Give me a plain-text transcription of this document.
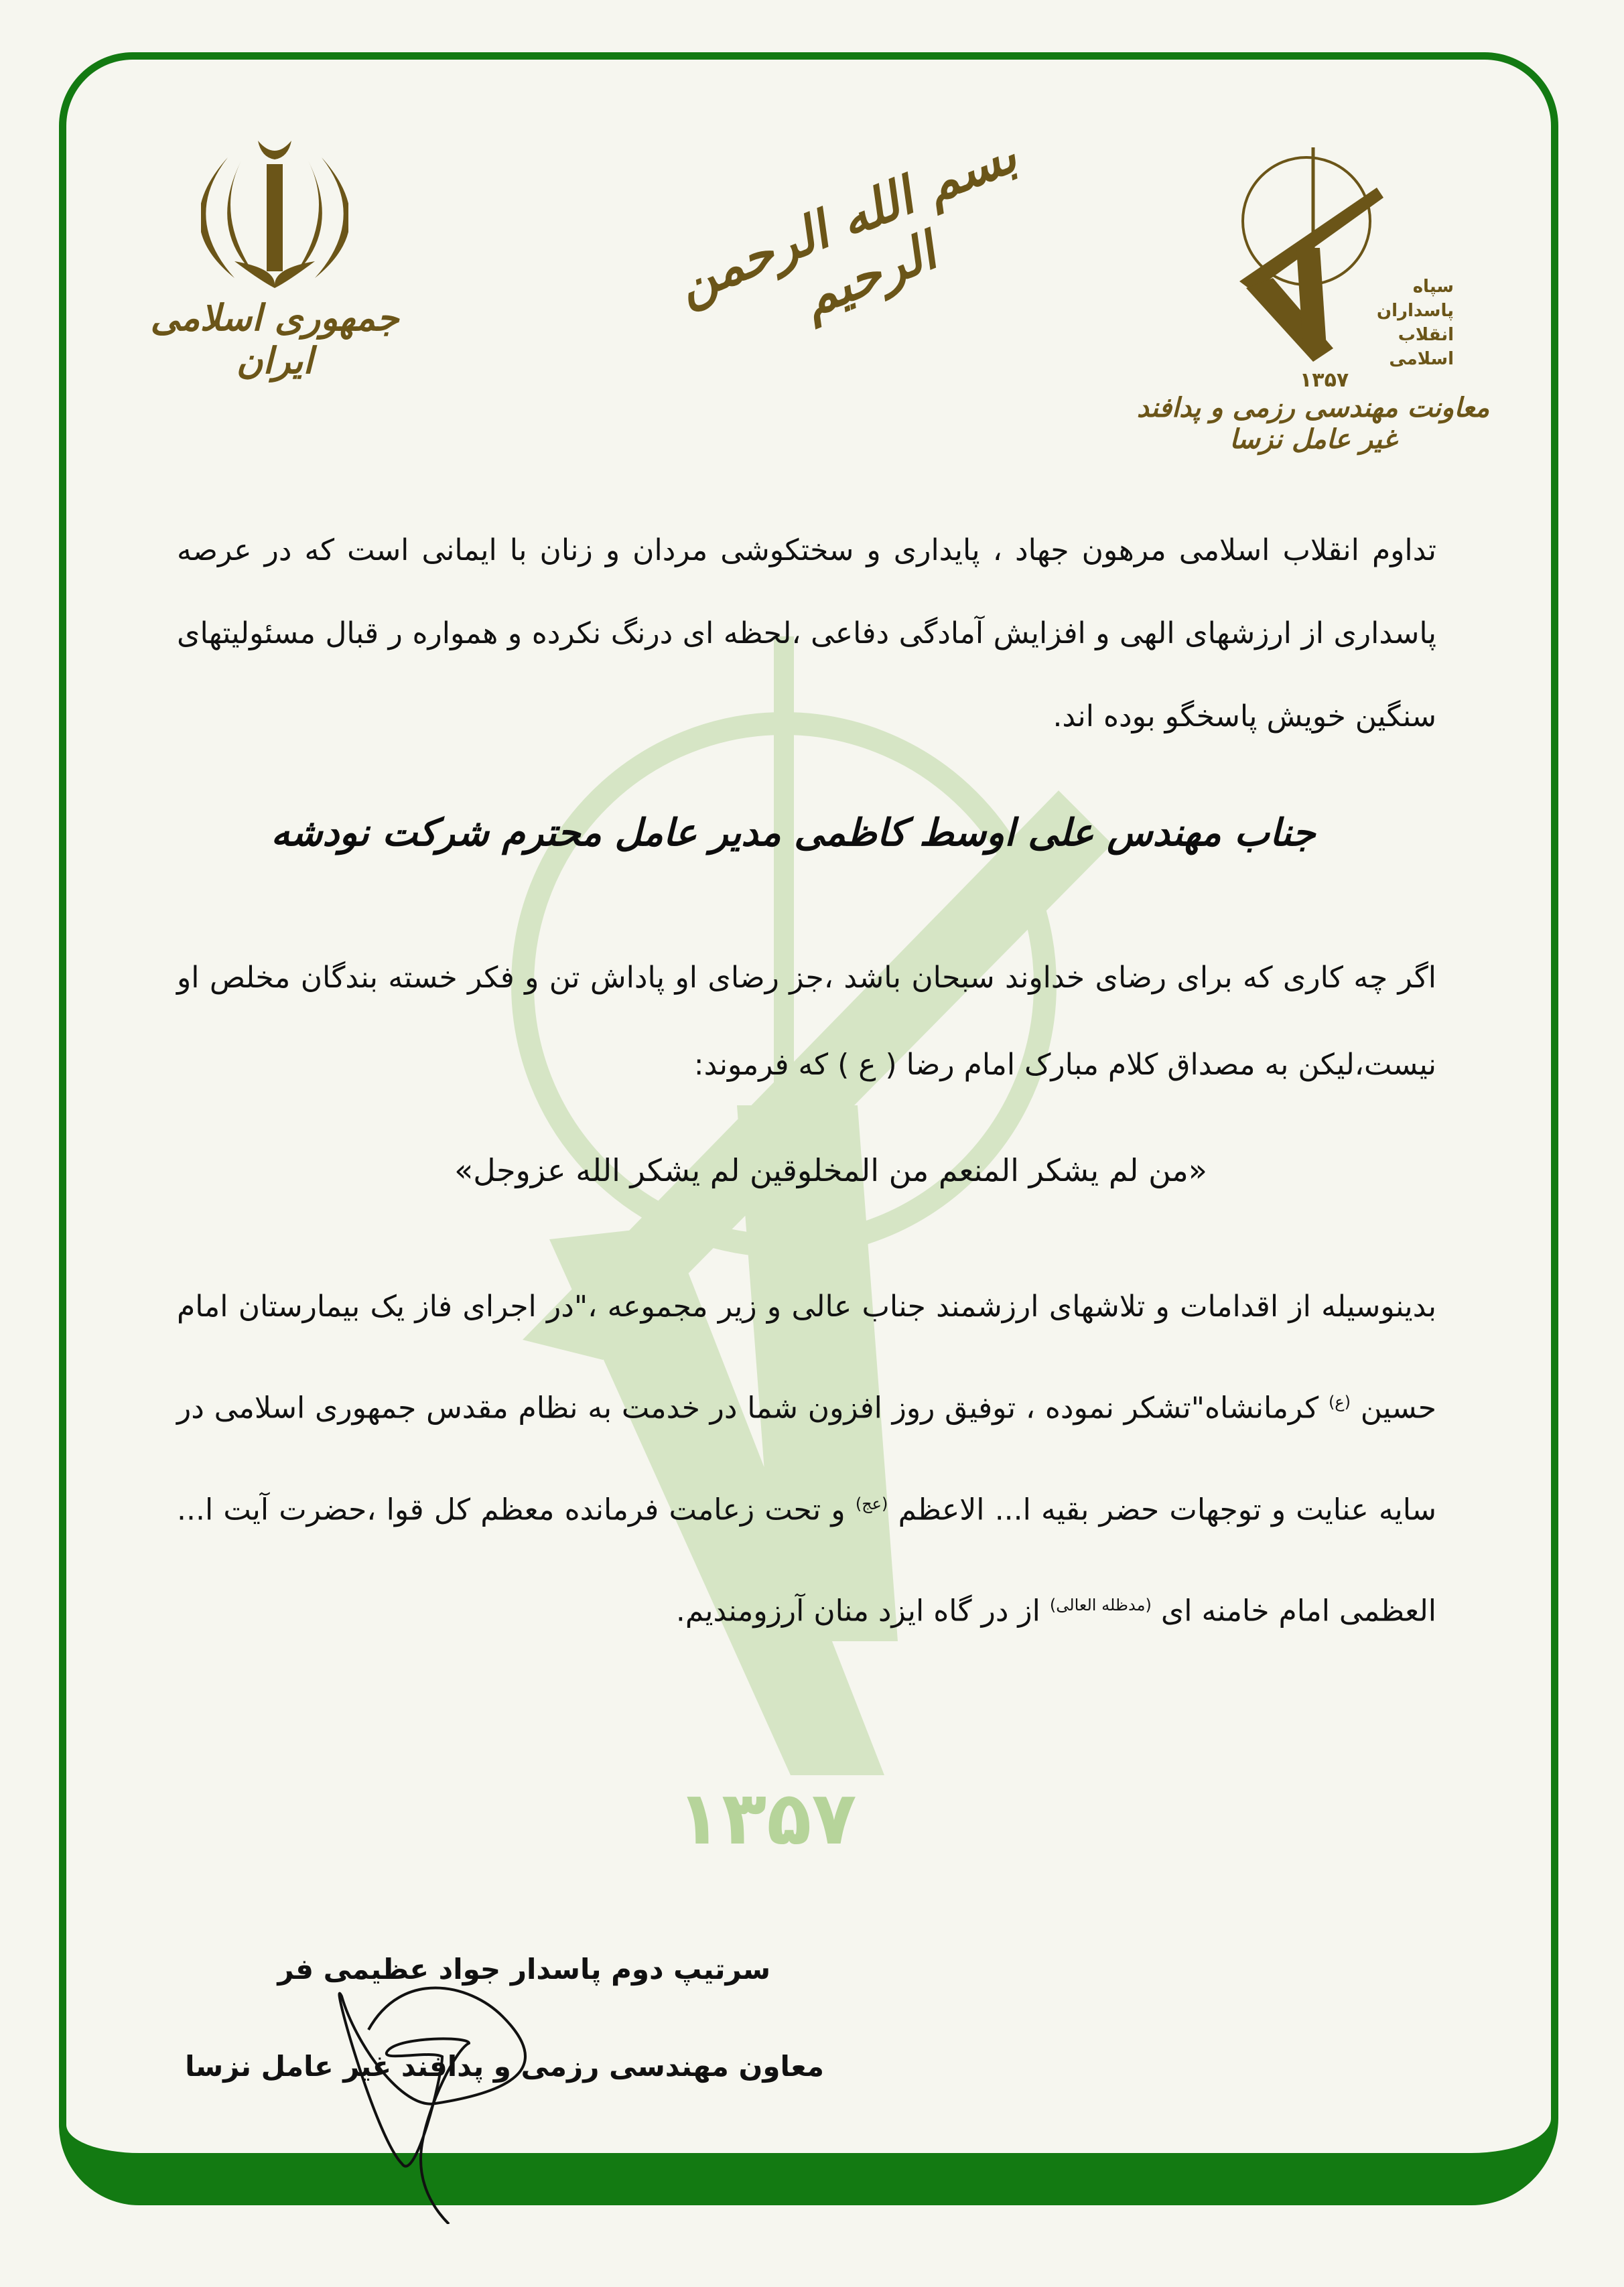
۱۳۵۷
جمهوری اسلامی ایران
بسم الله الرحمن الرحیم	سپاه
پاسداران
انقلاب
اسلامی
۱۳۵۷
معاونت مهندسی رزمی و پدافند غیر عامل نزسا
تداوم انقلاب اسلامی مرهون جهاد ، پایداری و سختکوشی مردان و زنان با ایمانی است که در عرصه پاسداری از ارزشهای الهی و افزایش آمادگی دفاعی ،لحظه ای درنگ نکرده و همواره ر قبال مسئولیتهای سنگین خویش پاسخگو بوده اند.
جناب مهندس علی اوسط کاظمی مدیر عامل محترم شرکت نودشه
اگر چه کاری که برای رضای خداوند سبحان باشد ،جز رضای او پاداش تن و فکر خسته بندگان مخلص او نیست،لیکن به مصداق کلام مبارک امام رضا ( ع ) که فرموند:
«من لم یشکر المنعم من المخلوقین لم یشکر الله عزوجل»
بدینوسیله از اقدامات و تلاشهای ارزشمند جناب عالی و زیر مجموعه ،"در اجرای فاز یک بیمارستان امام حسین $^{(ع)}$ کرمانشاه"تشکر نموده ، توفیق روز افزون شما در خدمت به نظام مقدس جمهوری اسلامی در سایه عنایت و توجهات حضر بقیه ا... الاعظم $^{(عج)}$ و تحت زعامت فرمانده معظم کل قوا ،حضرت آیت ا... العظمی امام خامنه ای $^{(مدظله العالی)}$ از در گاه ایزد منان آرزومندیم.
سرتیپ دوم پاسدار جواد عظیمی فر
معاون مهندسی رزمی و پدافند غیر عامل نزسا
